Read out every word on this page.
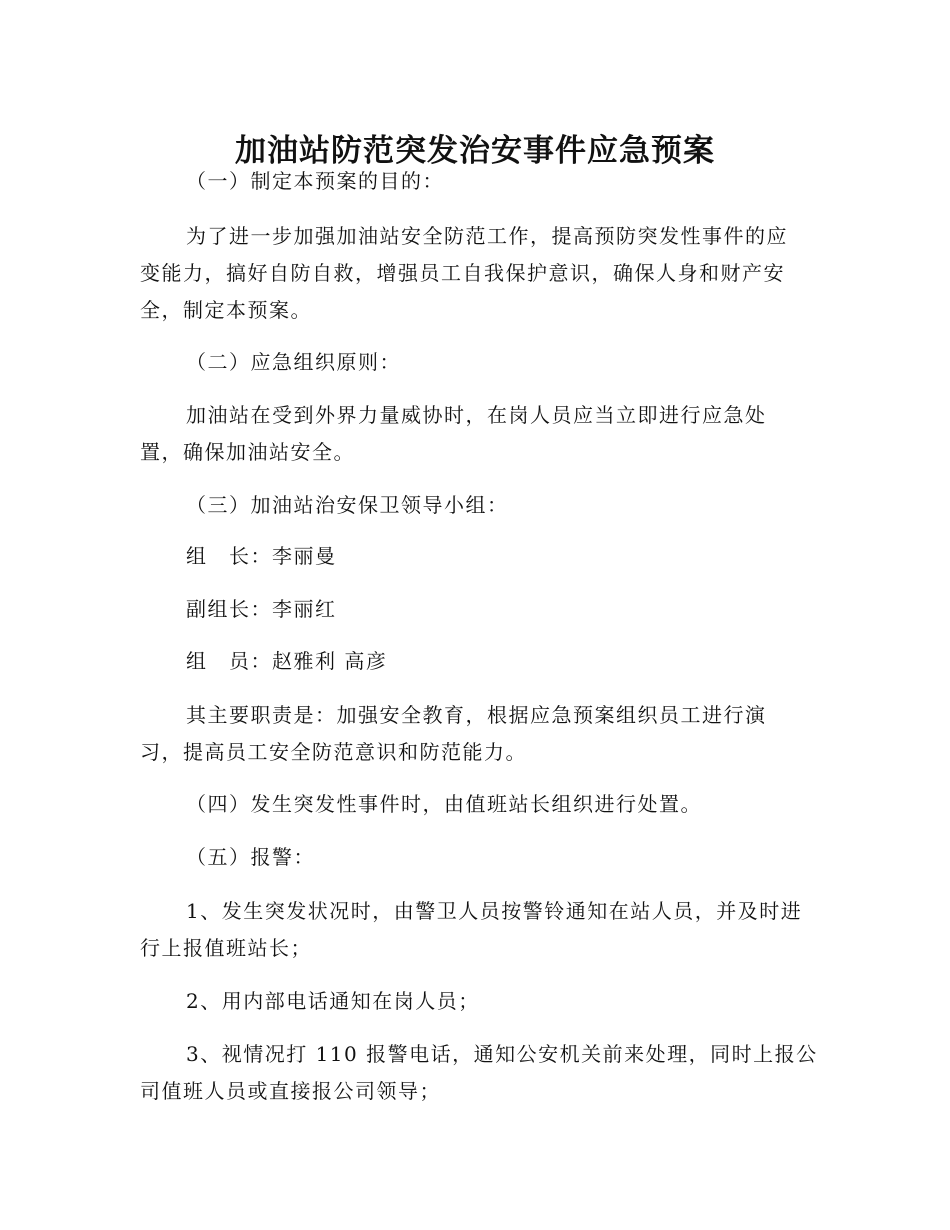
加油站防范突发治安事件应急预案

（一）制定本预案的目的：

为了进一步加强加油站安全防范工作，提高预防突发性事件的应
变能力，搞好自防自救，增强员工自我保护意识，确保人身和财产安
全，制定本预案。

（二）应急组织原则：

加油站在受到外界力量威协时，在岗人员应当立即进行应急处
置，确保加油站安全。

（三）加油站治安保卫领导小组：

组　长：李丽曼

副组长：李丽红

组　员：赵雅利 高彦

其主要职责是：加强安全教育，根据应急预案组织员工进行演
习，提高员工安全防范意识和防范能力。

（四）发生突发性事件时，由值班站长组织进行处置。

（五）报警：

1、发生突发状况时，由警卫人员按警铃通知在站人员，并及时进
行上报值班站长；

2、用内部电话通知在岗人员；

3、视情况打 110 报警电话，通知公安机关前来处理，同时上报公
司值班人员或直接报公司领导；
